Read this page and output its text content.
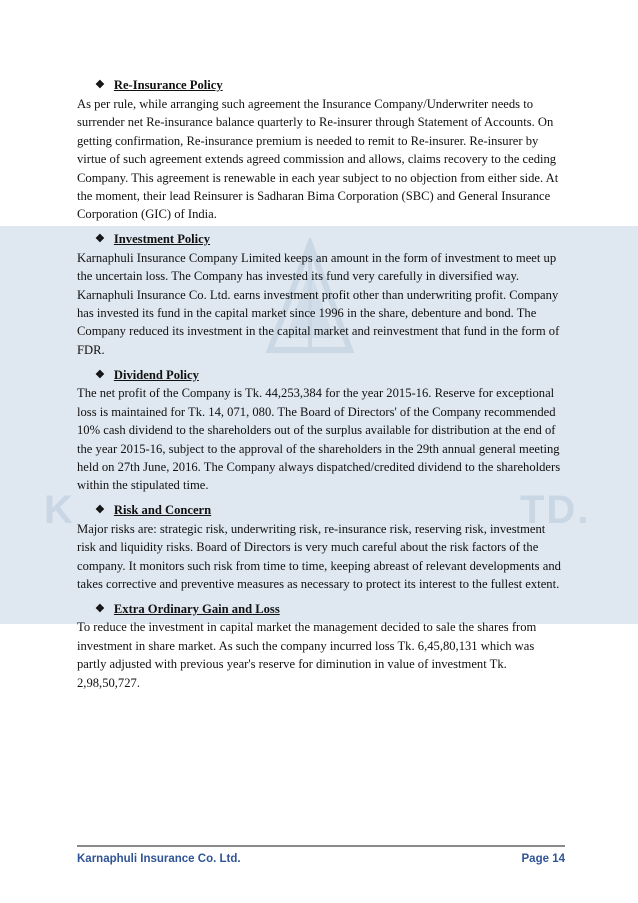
K	TD.
❖ Re-Insurance Policy
As per rule, while arranging such agreement the Insurance Company/Underwriter needs to surrender net Re-insurance balance quarterly to Re-insurer through Statement of Accounts. On getting confirmation, Re-insurance premium is needed to remit to Re-insurer. Re-insurer by virtue of such agreement extends agreed commission and allows, claims recovery to the ceding Company. This agreement is renewable in each year subject to no objection from either side. At the moment, their lead Reinsurer is Sadharan Bima Corporation (SBC) and General Insurance Corporation (GIC) of India.
❖ Investment Policy
Karnaphuli Insurance Company Limited keeps an amount in the form of investment to meet up the uncertain loss. The Company has invested its fund very carefully in diversified way. Karnaphuli Insurance Co. Ltd. earns investment profit other than underwriting profit. Company has invested its fund in the capital market since 1996 in the share, debenture and bond. The Company reduced its investment in the capital market and reinvestment that fund in the form of FDR.
❖ Dividend Policy
The net profit of the Company is Tk. 44,253,384 for the year 2015-16. Reserve for exceptional loss is maintained for Tk. 14, 071, 080. The Board of Directors' of the Company recommended 10% cash dividend to the shareholders out of the surplus available for distribution at the end of the year 2015-16, subject to the approval of the shareholders in the 29th annual general meeting held on 27th June, 2016. The Company always dispatched/credited dividend to the shareholders within the stipulated time.
❖ Risk and Concern
Major risks are: strategic risk, underwriting risk, re-insurance risk, reserving risk, investment risk and liquidity risks. Board of Directors is very much careful about the risk factors of the company. It monitors such risk from time to time, keeping abreast of relevant developments and takes corrective and preventive measures as necessary to protect its interest to the fullest extent.
❖ Extra Ordinary Gain and Loss
To reduce the investment in capital market the management decided to sale the shares from investment in share market. As such the company incurred loss Tk. 6,45,80,131 which was partly adjusted with previous year's reserve for diminution in value of investment Tk. 2,98,50,727.
Karnaphuli Insurance Co. Ltd.	Page 14
